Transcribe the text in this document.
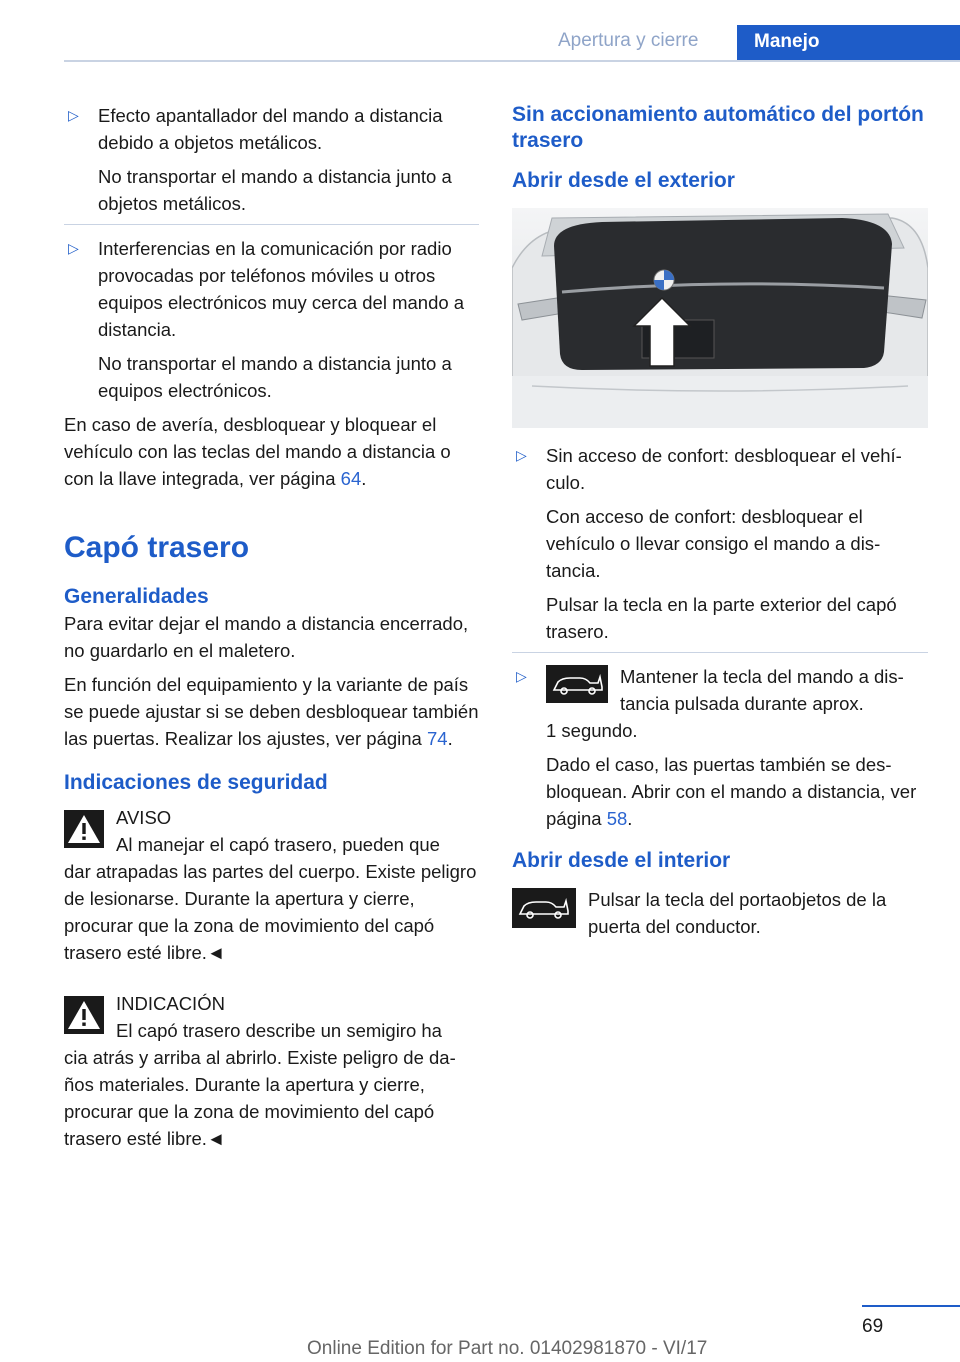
Apertura y cierre	Manejo
▷ Efecto apantallador del mando a distancia debido a objetos metálicos.
No transportar el mando a distancia junto a objetos metálicos.
▷ Interferencias en la comunicación por radio provocadas por teléfonos móviles u otros equipos electrónicos muy cerca del mando a distancia.
No transportar el mando a distancia junto a equipos electrónicos.
En caso de avería, desbloquear y bloquear el vehículo con las teclas del mando a distancia o con la llave integrada, ver página 64.
Capó trasero
Generalidades
Para evitar dejar el mando a distancia encerrado, no guardarlo en el maletero.
En función del equipamiento y la variante de país se puede ajustar si se deben desbloquear también las puertas. Realizar los ajustes, ver página 74.
Indicaciones de seguridad
AVISO
Al manejar el capó trasero, pueden que
dar atrapadas las partes del cuerpo. Existe peligro de lesionarse. Durante la apertura y cierre, procurar que la zona de movimiento del capó trasero esté libre.◄
INDICACIÓN
El capó trasero describe un semigiro ha
cia atrás y arriba al abrirlo. Existe peligro de daños materiales. Durante la apertura y cierre, procurar que la zona de movimiento del capó trasero esté libre.◄
Sin accionamiento automático del portón trasero
Abrir desde el exterior
▷ Sin acceso de confort: desbloquear el vehículo.
Con acceso de confort: desbloquear el vehículo o llevar consigo el mando a distancia.
Pulsar la tecla en la parte exterior del capó trasero.
▷	Mantener la tecla del mando a distancia pulsada durante aprox.
1 segundo.
Dado el caso, las puertas también se desbloquean. Abrir con el mando a distancia, ver página 58.
Abrir desde el interior
Pulsar la tecla del portaobjetos de la puerta del conductor.
69
Online Edition for Part no. 01402981870 - VI/17
